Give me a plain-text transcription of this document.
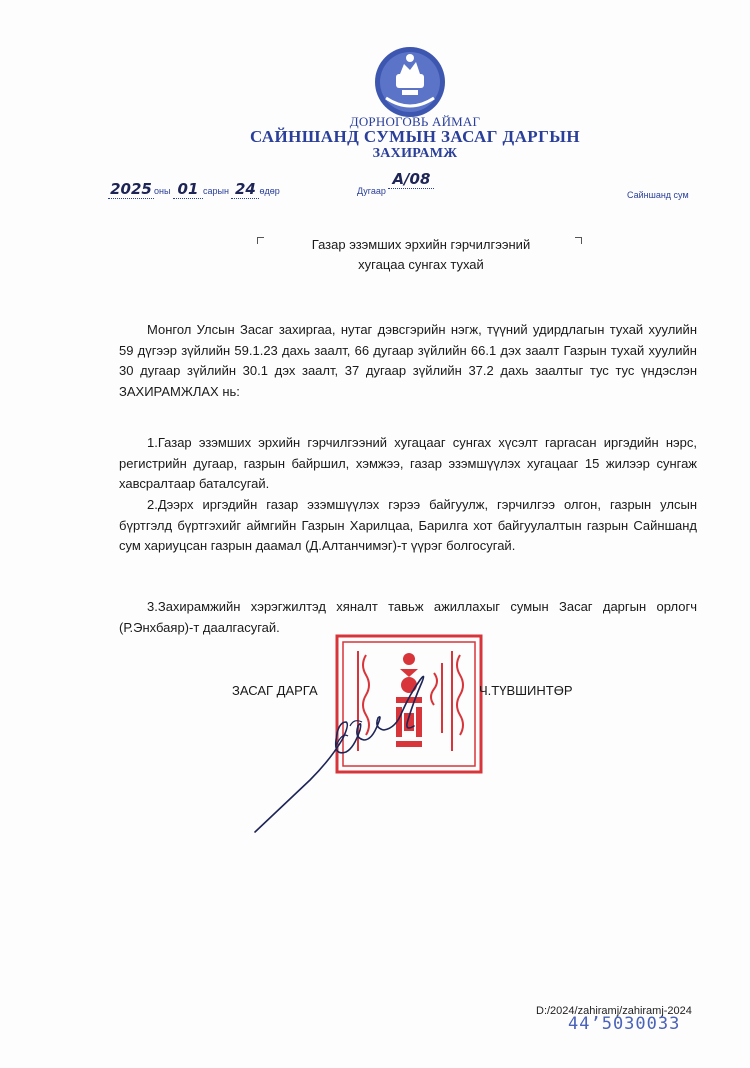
ДОРНОГОВЬ АЙМАГ
САЙНШАНД СУМЫН ЗАСАГ ДАРГЫН
ЗАХИРАМЖ
2025 оны 01 сарын 24 өдөр	Дугаар А/08
Сайншанд сум
Газар эзэмших эрхийн гэрчилгээний
хугацаа сунгах тухай
Монгол Улсын Засаг захиргаа, нутаг дэвсгэрийн нэгж, түүний удирдлагын тухай хуулийн 59 дүгээр зүйлийн 59.1.23 дахь заалт, 66 дугаар зүйлийн 66.1 дэх заалт Газрын тухай хуулийн 30 дугаар зүйлийн 30.1 дэх заалт, 37 дугаар зүйлийн 37.2 дахь заалтыг тус тус үндэслэн ЗАХИРАМЖЛАХ нь:
1.Газар эзэмших эрхийн гэрчилгээний хугацааг сунгах хүсэлт гаргасан иргэдийн нэрс, регистрийн дугаар, газрын байршил, хэмжээ, газар эзэмшүүлэх хугацааг 15 жилээр сунгаж хавсралтаар баталсугай.
2.Дээрх иргэдийн газар эзэмшүүлэх гэрээ байгуулж, гэрчилгээ олгон, газрын улсын бүртгэлд бүртгэхийг аймгийн Газрын Харилцаа, Барилга хот байгуулалтын газрын Сайншанд сум хариуцсан газрын даамал (Д.Алтанчимэг)-т үүрэг болгосугай.
3.Захирамжийн хэрэгжилтэд хяналт тавьж ажиллахыг сумын Засаг даргын орлогч (Р.Энхбаяр)-т даалгасугай.
ЗАСАГ ДАРГА	Ч.ТҮВШИНТӨР
D:/2024/zahiramj/zahiramj-2024
44’5030033
